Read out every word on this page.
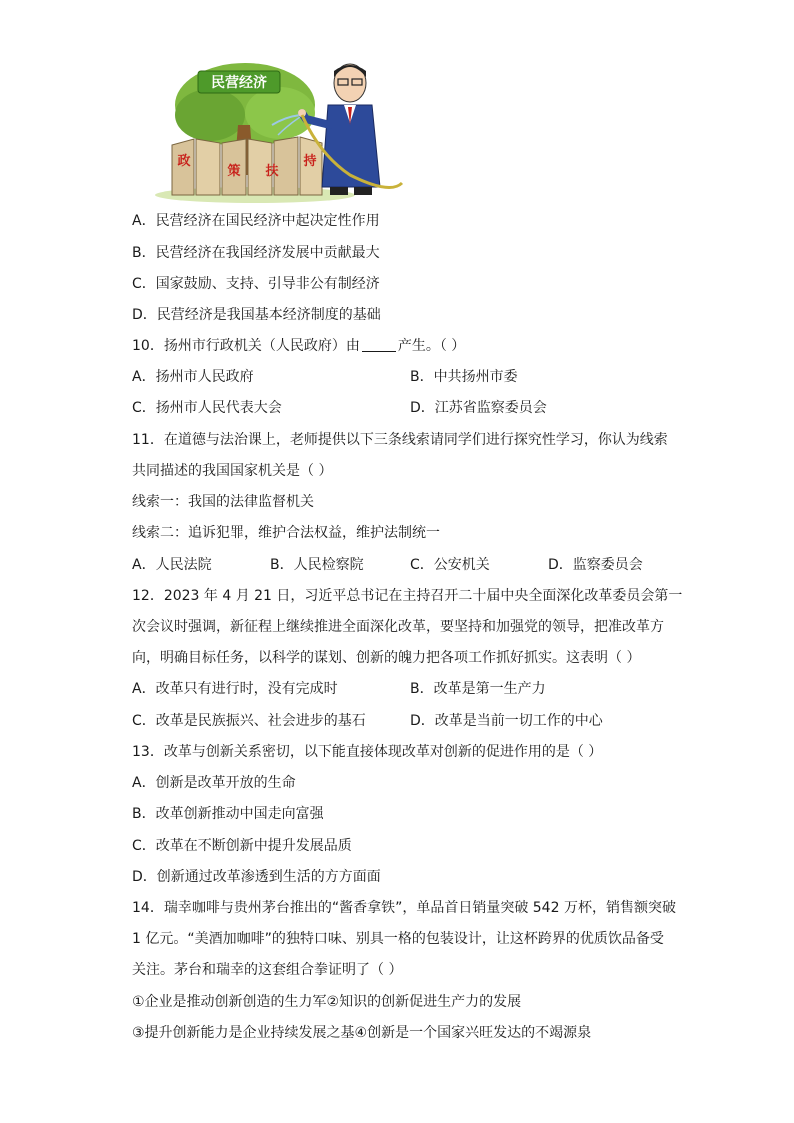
民营经济
政
策 扶
持
A．民营经济在国民经济中起决定性作用
B．民营经济在我国经济发展中贡献最大
C．国家鼓励、支持、引导非公有制经济
D．民营经济是我国基本经济制度的基础
10．扬州市行政机关（人民政府）由	产生。（ ）
A．扬州市人民政府	B．中共扬州市委
C．扬州市人民代表大会	D．江苏省监察委员会
11．在道德与法治课上，老师提供以下三条线索请同学们进行探究性学习，你认为线索
共同描述的我国国家机关是（ ）
线索一：我国的法律监督机关
线索二：追诉犯罪，维护合法权益，维护法制统一
A．人民法院	B．人民检察院	C．公安机关	D．监察委员会
12．2023 年 4 月 21 日，习近平总书记在主持召开二十届中央全面深化改革委员会第一
次会议时强调，新征程上继续推进全面深化改革，要坚持和加强党的领导，把准改革方
向，明确目标任务，以科学的谋划、创新的魄力把各项工作抓好抓实。这表明（ ）
A．改革只有进行时，没有完成时	B．改革是第一生产力
C．改革是民族振兴、社会进步的基石	D．改革是当前一切工作的中心
13．改革与创新关系密切，以下能直接体现改革对创新的促进作用的是（ ）
A．创新是改革开放的生命
B．改革创新推动中国走向富强
C．改革在不断创新中提升发展品质
D．创新通过改革渗透到生活的方方面面
14．瑞幸咖啡与贵州茅台推出的“酱香拿铁”，单品首日销量突破 542 万杯，销售额突破
1 亿元。“美酒加咖啡”的独特口味、别具一格的包装设计，让这杯跨界的优质饮品备受
关注。茅台和瑞幸的这套组合拳证明了（ ）
①企业是推动创新创造的生力军②知识的创新促进生产力的发展
③提升创新能力是企业持续发展之基④创新是一个国家兴旺发达的不竭源泉
